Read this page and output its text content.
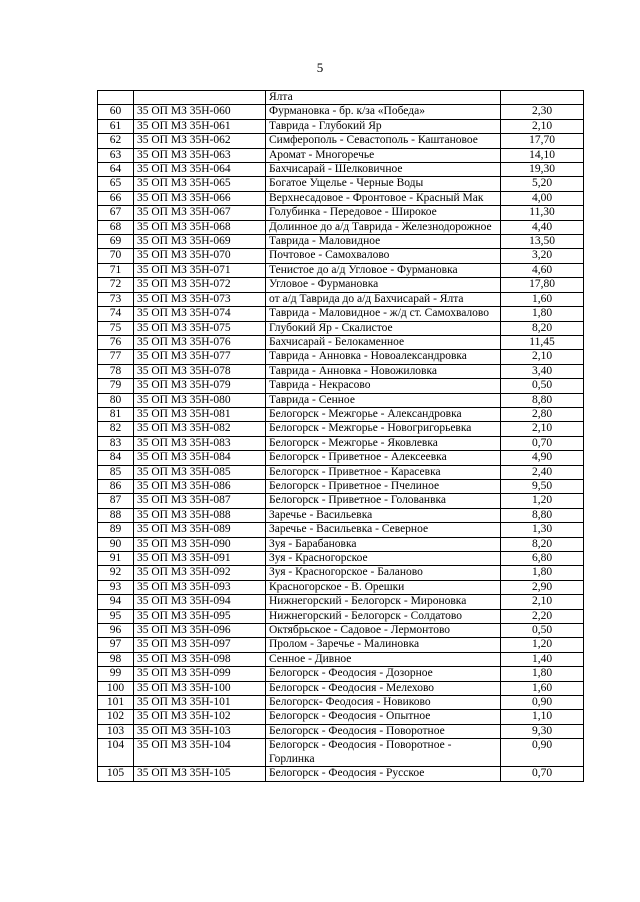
5
		Ялта	
60	35 ОП МЗ 35Н-060	Фурмановка - бр. к/за «Победа»	2,30
61	35 ОП МЗ 35Н-061	Таврида - Глубокий Яр	2,10
62	35 ОП МЗ 35Н-062	Симферополь - Севастополь - Каштановое	17,70
63	35 ОП МЗ 35Н-063	Аромат - Многоречье	14,10
64	35 ОП МЗ 35Н-064	Бахчисарай - Шелковичное	19,30
65	35 ОП МЗ 35Н-065	Богатое Ущелье - Черные Воды	5,20
66	35 ОП МЗ 35Н-066	Верхнесадовое - Фронтовое - Красный Мак	4,00
67	35 ОП МЗ 35Н-067	Голубинка - Передовое - Широкое	11,30
68	35 ОП МЗ 35Н-068	Долинное до а/д Таврида - Железнодорожное	4,40
69	35 ОП МЗ 35Н-069	Таврида - Маловидное	13,50
70	35 ОП МЗ 35Н-070	Почтовое - Самохвалово	3,20
71	35 ОП МЗ 35Н-071	Тенистое до а/д Угловое - Фурмановка	4,60
72	35 ОП МЗ 35Н-072	Угловое - Фурмановка	17,80
73	35 ОП МЗ 35Н-073	от а/д Таврида до а/д Бахчисарай - Ялта	1,60
74	35 ОП МЗ 35Н-074	Таврида - Маловидное - ж/д ст. Самохвалово	1,80
75	35 ОП МЗ 35Н-075	Глубокий Яр - Скалистое	8,20
76	35 ОП МЗ 35Н-076	Бахчисарай - Белокаменное	11,45
77	35 ОП МЗ 35Н-077	Таврида - Анновка - Новоалександровка	2,10
78	35 ОП МЗ 35Н-078	Таврида - Анновка - Новожиловка	3,40
79	35 ОП МЗ 35Н-079	Таврида - Некрасово	0,50
80	35 ОП МЗ 35Н-080	Таврида - Сенное	8,80
81	35 ОП МЗ 35Н-081	Белогорск - Межгорье - Александровка	2,80
82	35 ОП МЗ 35Н-082	Белогорск - Межгорье - Новогригорьевка	2,10
83	35 ОП МЗ 35Н-083	Белогорск - Межгорье - Яковлевка	0,70
84	35 ОП МЗ 35Н-084	Белогорск - Приветное - Алексеевка	4,90
85	35 ОП МЗ 35Н-085	Белогорск - Приветное - Карасевка	2,40
86	35 ОП МЗ 35Н-086	Белогорск - Приветное - Пчелиное	9,50
87	35 ОП МЗ 35Н-087	Белогорск - Приветное - Голованвка	1,20
88	35 ОП МЗ 35Н-088	Заречье - Васильевка	8,80
89	35 ОП МЗ 35Н-089	Заречье - Васильевка - Северное	1,30
90	35 ОП МЗ 35Н-090	Зуя - Барабановка	8,20
91	35 ОП МЗ 35Н-091	Зуя - Красногорское	6,80
92	35 ОП МЗ 35Н-092	Зуя - Красногорское - Баланово	1,80
93	35 ОП МЗ 35Н-093	Красногорское - В. Орешки	2,90
94	35 ОП МЗ 35Н-094	Нижнегорский - Белогорск - Мироновка	2,10
95	35 ОП МЗ 35Н-095	Нижнегорский - Белогорск - Солдатово	2,20
96	35 ОП МЗ 35Н-096	Октябрьское - Садовое - Лермонтово	0,50
97	35 ОП МЗ 35Н-097	Пролом - Заречье - Малиновка	1,20
98	35 ОП МЗ 35Н-098	Сенное - Дивное	1,40
99	35 ОП МЗ 35Н-099	Белогорск - Феодосия - Дозорное	1,80
100	35 ОП МЗ 35Н-100	Белогорск - Феодосия - Мелехово	1,60
101	35 ОП МЗ 35Н-101	Белогорск- Феодосия - Новиково	0,90
102	35 ОП МЗ 35Н-102	Белогорск - Феодосия - Опытное	1,10
103	35 ОП МЗ 35Н-103	Белогорск - Феодосия - Поворотное	9,30
104	35 ОП МЗ 35Н-104	Белогорск - Феодосия - Поворотное - Горлинка	0,90
105	35 ОП МЗ 35Н-105	Белогорск - Феодосия - Русское	0,70
